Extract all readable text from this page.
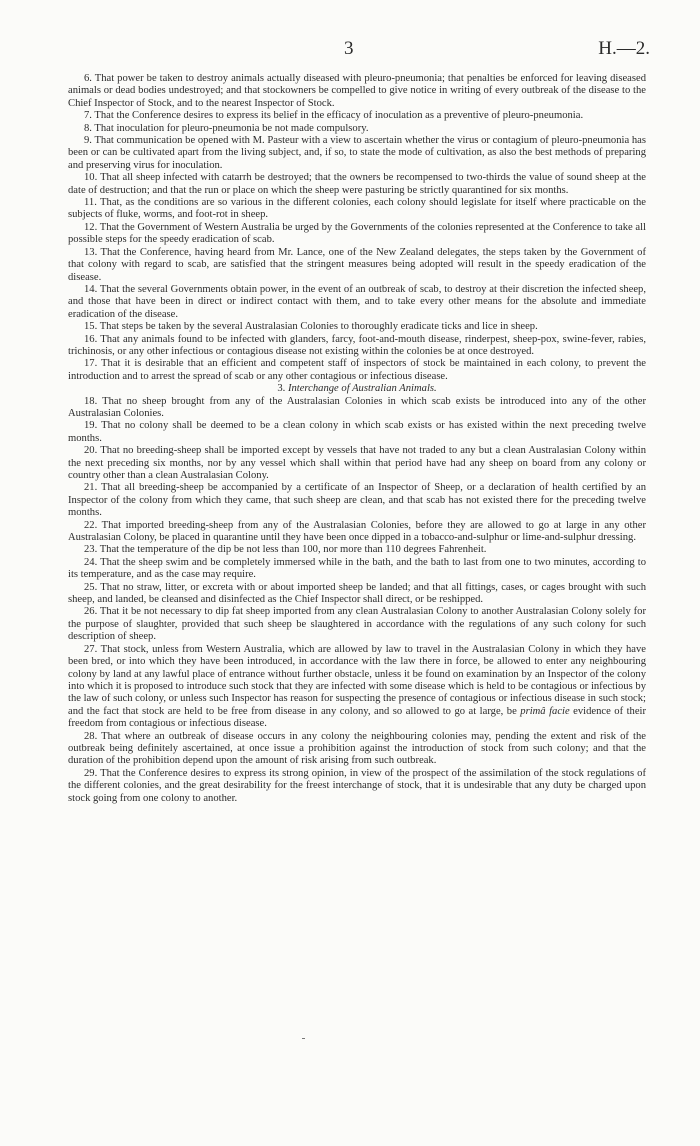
3	H.—2.

6. That power be taken to destroy animals actually diseased with pleuro-pneumonia; that penalties be enforced for leaving diseased animals or dead bodies undestroyed; and that stockowners be compelled to give notice in writing of every outbreak of the disease to the Chief Inspector of Stock, and to the nearest Inspector of Stock.

7. That the Conference desires to express its belief in the efficacy of inoculation as a preventive of pleuro-pneumonia.

8. That inoculation for pleuro-pneumonia be not made compulsory.

9. That communication be opened with M. Pasteur with a view to ascertain whether the virus or contagium of pleuro-pneumonia has been or can be cultivated apart from the living subject, and, if so, to state the mode of cultivation, as also the best methods of preparing and preserving virus for inoculation.

10. That all sheep infected with catarrh be destroyed; that the owners be recompensed to two-thirds the value of sound sheep at the date of destruction; and that the run or place on which the sheep were pasturing be strictly quarantined for six months.

11. That, as the conditions are so various in the different colonies, each colony should legislate for itself where practicable on the subjects of fluke, worms, and foot-rot in sheep.

12. That the Government of Western Australia be urged by the Governments of the colonies represented at the Conference to take all possible steps for the speedy eradication of scab.

13. That the Conference, having heard from Mr. Lance, one of the New Zealand delegates, the steps taken by the Government of that colony with regard to scab, are satisfied that the stringent measures being adopted will result in the speedy eradication of the disease.

14. That the several Governments obtain power, in the event of an outbreak of scab, to destroy at their discretion the infected sheep, and those that have been in direct or indirect contact with them, and to take every other means for the absolute and immediate eradication of the disease.

15. That steps be taken by the several Australasian Colonies to thoroughly eradicate ticks and lice in sheep.

16. That any animals found to be infected with glanders, farcy, foot-and-mouth disease, rinderpest, sheep-pox, swine-fever, rabies, trichinosis, or any other infectious or contagious disease not existing within the colonies be at once destroyed.

17. That it is desirable that an efficient and competent staff of inspectors of stock be maintained in each colony, to prevent the introduction and to arrest the spread of scab or any other contagious or infectious disease.

3. Interchange of Australian Animals.

18. That no sheep brought from any of the Australasian Colonies in which scab exists be introduced into any of the other Australasian Colonies.

19. That no colony shall be deemed to be a clean colony in which scab exists or has existed within the next preceding twelve months.

20. That no breeding-sheep shall be imported except by vessels that have not traded to any but a clean Australasian Colony within the next preceding six months, nor by any vessel which shall within that period have had any sheep on board from any colony or country other than a clean Australasian Colony.

21. That all breeding-sheep be accompanied by a certificate of an Inspector of Sheep, or a declaration of health certified by an Inspector of the colony from which they came, that such sheep are clean, and that scab has not existed there for the preceding twelve months.

22. That imported breeding-sheep from any of the Australasian Colonies, before they are allowed to go at large in any other Australasian Colony, be placed in quarantine until they have been once dipped in a tobacco-and-sulphur or lime-and-sulphur dressing.

23. That the temperature of the dip be not less than 100, nor more than 110 degrees Fahrenheit.

24. That the sheep swim and be completely immersed while in the bath, and the bath to last from one to two minutes, according to its temperature, and as the case may require.

25. That no straw, litter, or excreta with or about imported sheep be landed; and that all fittings, cases, or cages brought with such sheep, and landed, be cleansed and disinfected as the Chief Inspector shall direct, or be reshipped.

26. That it be not necessary to dip fat sheep imported from any clean Australasian Colony to another Australasian Colony solely for the purpose of slaughter, provided that such sheep be slaughtered in accordance with the regulations of any such colony for such description of sheep.

27. That stock, unless from Western Australia, which are allowed by law to travel in the Australasian Colony in which they have been bred, or into which they have been introduced, in accordance with the law there in force, be allowed to enter any neighbouring colony by land at any lawful place of entrance without further obstacle, unless it be found on examination by an Inspector of the colony into which it is proposed to introduce such stock that they are infected with some disease which is held to be contagious or infectious by the law of such colony, or unless such Inspector has reason for suspecting the presence of contagious or infectious disease in such stock; and the fact that stock are held to be free from disease in any colony, and so allowed to go at large, be primâ facie evidence of their freedom from contagious or infectious disease.

28. That where an outbreak of disease occurs in any colony the neighbouring colonies may, pending the extent and risk of the outbreak being definitely ascertained, at once issue a prohibition against the introduction of stock from such colony; and that the duration of the prohibition depend upon the amount of risk arising from such outbreak.

29. That the Conference desires to express its strong opinion, in view of the prospect of the assimilation of the stock regulations of the different colonies, and the great desirability for the freest interchange of stock, that it is undesirable that any duty be charged upon stock going from one colony to another.
